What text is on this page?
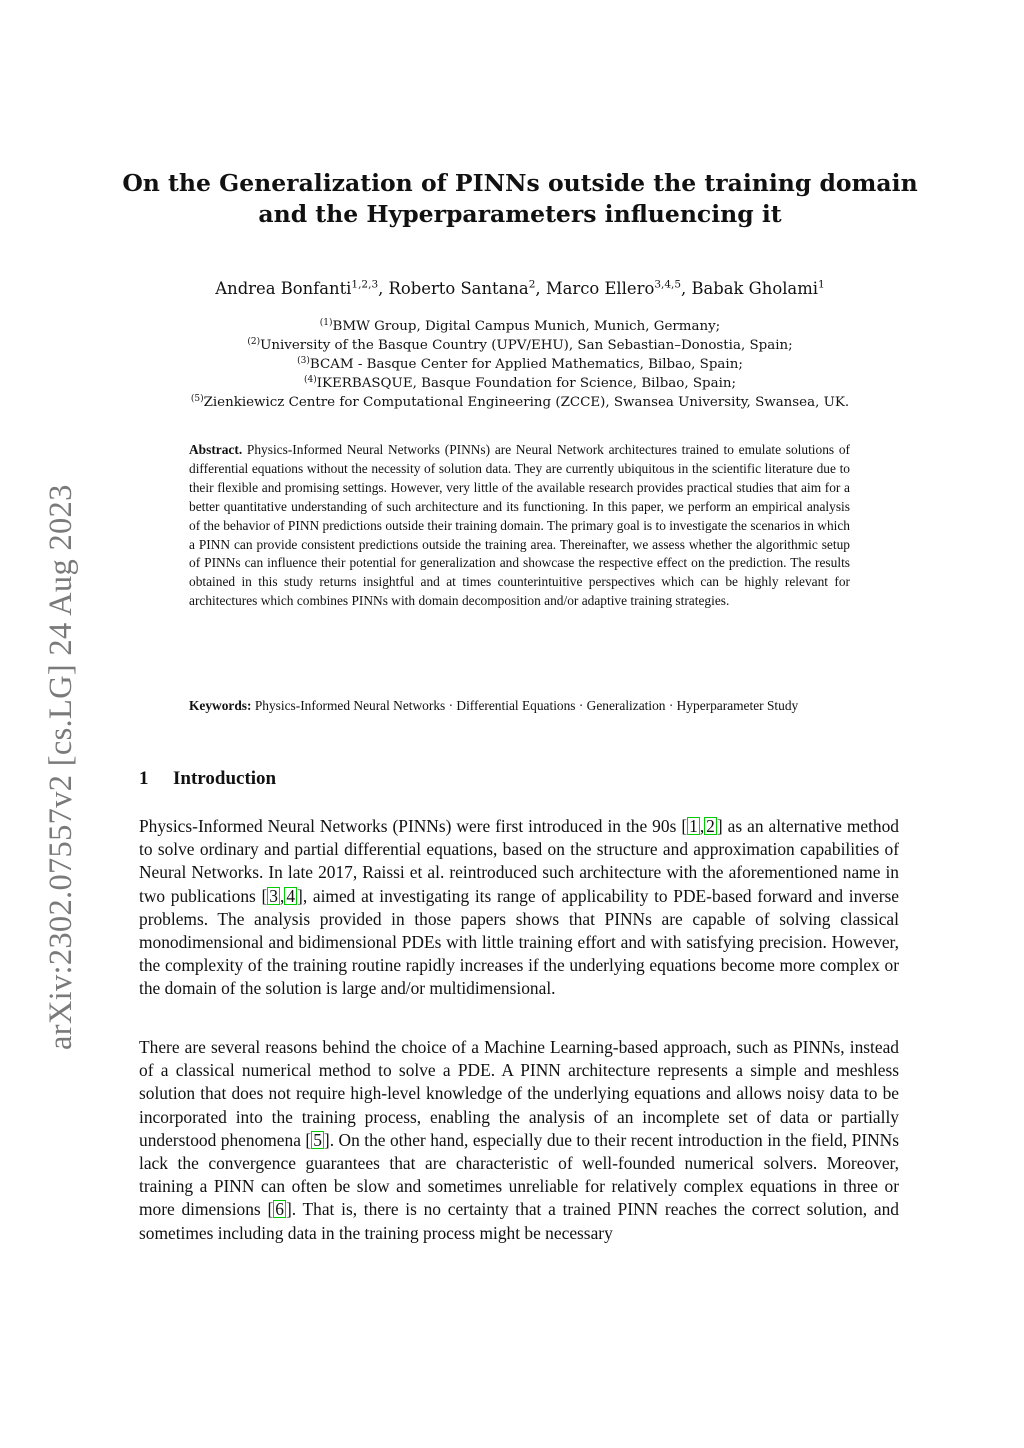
arXiv:2302.07557v2 [cs.LG] 24 Aug 2023
On the Generalization of PINNs outside the training domain
and the Hyperparameters influencing it
Andrea Bonfanti$^{1,2,3}$, Roberto Santana$^2$, Marco Ellero$^{3,4,5}$, Babak Gholami$^1$
$^{(1)}$BMW Group, Digital Campus Munich, Munich, Germany;
$^{(2)}$University of the Basque Country (UPV/EHU), San Sebastian–Donostia, Spain;
$^{(3)}$BCAM - Basque Center for Applied Mathematics, Bilbao, Spain;
$^{(4)}$IKERBASQUE, Basque Foundation for Science, Bilbao, Spain;
$^{(5)}$Zienkiewicz Centre for Computational Engineering (ZCCE), Swansea University, Swansea, UK.
Abstract. Physics-Informed Neural Networks (PINNs) are Neural Network architectures trained to emulate solutions of differential equations without the necessity of solution data. They are currently ubiquitous in the scientific literature due to their flexible and promising settings. However, very little of the available research provides practical studies that aim for a better quantitative understanding of such architecture and its functioning. In this paper, we perform an empirical analysis of the behavior of PINN predictions outside their training domain. The primary goal is to investigate the scenarios in which a PINN can provide consistent predictions outside the training area. Thereinafter, we assess whether the algorithmic setup of PINNs can influence their potential for generalization and showcase the respective effect on the prediction. The results obtained in this study returns insightful and at times counterintuitive perspectives which can be highly relevant for architectures which combines PINNs with domain decomposition and/or adaptive training strategies.
Keywords: Physics-Informed Neural Networks · Differential Equations · Generalization · Hyperparameter Study
1 Introduction
Physics-Informed Neural Networks (PINNs) were first introduced in the 90s [ 1 , 2 ] as an alternative method to solve ordinary and partial differential equations, based on the structure and approximation capabilities of Neural Networks. In late 2017, Raissi et al. reintroduced such architecture with the aforementioned name in two publications [ 3 , 4 ], aimed at investigating its range of applicability to PDE-based forward and inverse problems. The analysis provided in those papers shows that PINNs are capable of solving classical monodimensional and bidimensional PDEs with little training effort and with satisfying precision. However, the complexity of the training routine rapidly increases if the underlying equations become more complex or the domain of the solution is large and/or multidimensional.
There are several reasons behind the choice of a Machine Learning-based approach, such as PINNs, instead of a classical numerical method to solve a PDE. A PINN architecture represents a simple and meshless solution that does not require high-level knowledge of the underlying equations and allows noisy data to be incorporated into the training process, enabling the analysis of an incomplete set of data or partially understood phenomena [ 5 ]. On the other hand, especially due to their recent introduction in the field, PINNs lack the convergence guarantees that are characteristic of well-founded numerical solvers. Moreover, training a PINN can often be slow and sometimes unreliable for relatively complex equations in three or more dimensions [ 6 ]. That is, there is no certainty that a trained PINN reaches the correct solution, and sometimes including data in the training process might be necessary
